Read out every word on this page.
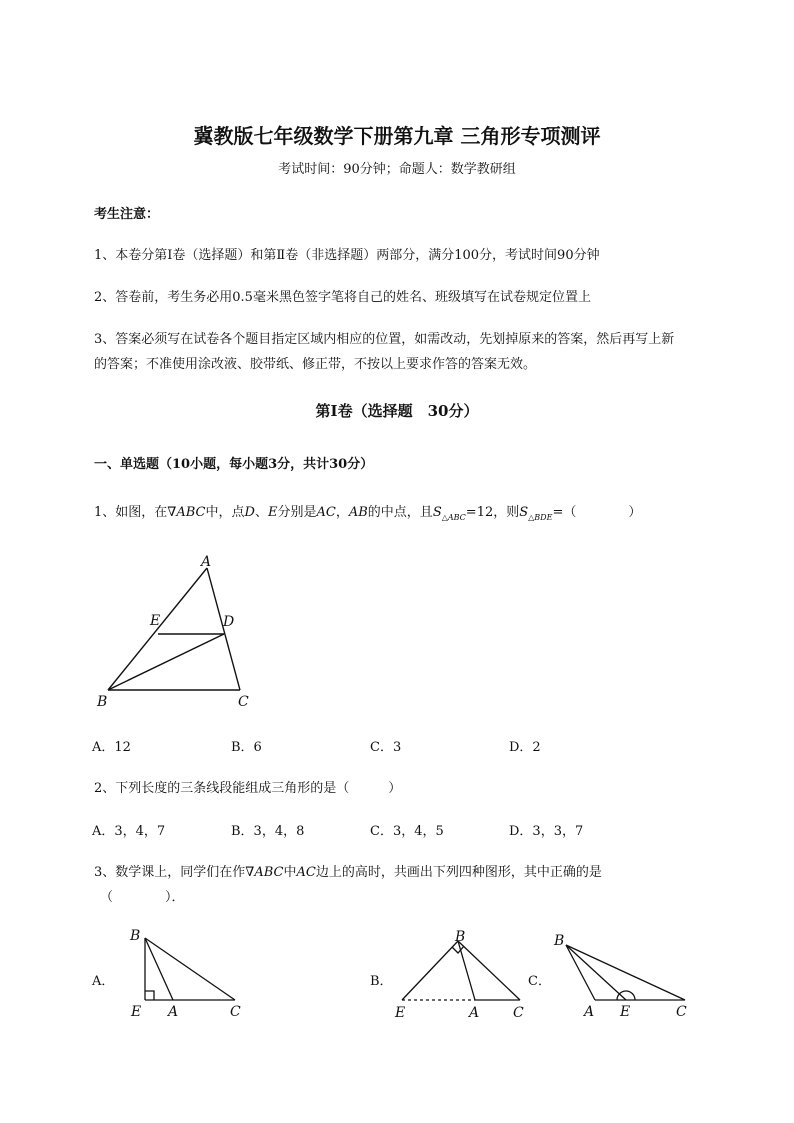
冀教版七年级数学下册第九章 三角形专项测评
考试时间：90分钟；命题人：数学教研组
考生注意：
1、本卷分第I卷（选择题）和第Ⅱ卷（非选择题）两部分，满分100分，考试时间90分钟
2、答卷前，考生务必用0.5毫米黑色签字笔将自己的姓名、班级填写在试卷规定位置上
3、答案必须写在试卷各个题目指定区域内相应的位置，如需改动，先划掉原来的答案，然后再写上新
的答案；不准使用涂改液、胶带纸、修正带，不按以上要求作答的答案无效。
第I卷（选择题　30分）
一、单选题（10小题，每小题3分，共计30分）
1、如图，在∇ABC中，点D、E分别是AC，AB的中点，且$S_{\triangle ABC}=12$，则$S_{\triangle BDE}=$（　　　　）
A
E	D
B	C
A．12	B．6	C．3	D．2
2、下列长度的三条线段能组成三角形的是（　　　）
A．3，4，7	B．3，4，8	C．3，4，5	D．3，3，7
3、数学课上，同学们在作∇ABC中AC边上的高时，共画出下列四种图形，其中正确的是
（　　　　）．
A．	B．	C．
B
E A	C
B
E	A C
B
A E	C
